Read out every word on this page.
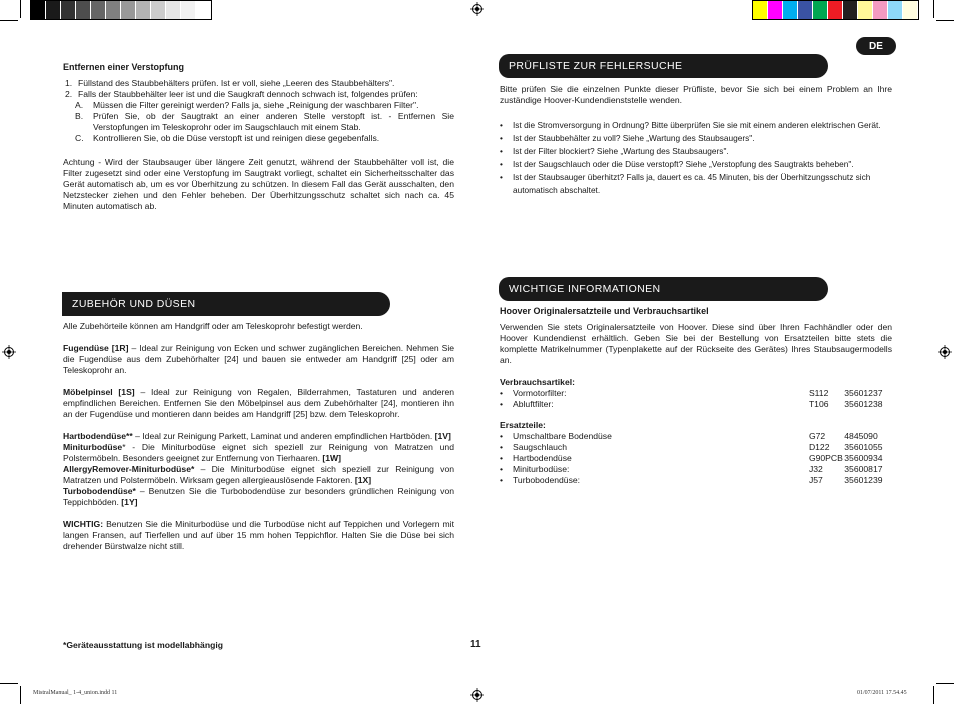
DE

Entfernen einer Verstopfung

1. Füllstand des Staubbehälters prüfen. Ist er voll, siehe „Leeren des Staubbehälters".
2. Falls der Staubbehälter leer ist und die Saugkraft dennoch schwach ist, folgendes prüfen:
A. Müssen die Filter gereinigt werden? Falls ja, siehe „Reinigung der waschbaren Filter".
B. Prüfen Sie, ob der Saugtrakt an einer anderen Stelle verstopft ist. - Entfernen Sie Verstopfungen im Teleskoprohr oder im Saugschlauch mit einem Stab.
C. Kontrollieren Sie, ob die Düse verstopft ist und reinigen diese gegebenfalls.

Achtung - Wird der Staubsauger über längere Zeit genutzt, während der Staubbehälter voll ist, die Filter zugesetzt sind oder eine Verstopfung im Saugtrakt vorliegt, schaltet ein Sicherheitsschalter das Gerät automatisch ab, um es vor Überhitzung zu schützen. In diesem Fall das Gerät ausschalten, den Netzstecker ziehen und den Fehler beheben. Der Überhitzungsschutz schaltet sich nach ca. 45 Minuten automatisch ab.

ZUBEHÖR UND DÜSEN

Alle Zubehörteile können am Handgriff oder am Teleskoprohr befestigt werden.

Fugendüse [1R] – Ideal zur Reinigung von Ecken und schwer zugänglichen Bereichen. Nehmen Sie die Fugendüse aus dem Zubehörhalter [24] und bauen sie entweder am Handgriff [25] oder am Teleskoprohr an.

Möbelpinsel [1S] – Ideal zur Reinigung von Regalen, Bilderrahmen, Tastaturen und anderen empfindlichen Bereichen. Entfernen Sie den Möbelpinsel aus dem Zubehörhalter [24], montieren ihn an der Fugendüse und montieren dann beides am Handgriff [25] bzw. dem Teleskoprohr.

Hartbodendüse** – Ideal zur Reinigung Parkett, Laminat und anderen empfindlichen Hartböden. [1V]

Miniturbodüse* - Die Miniturbodüse eignet sich speziell zur Reinigung von Matratzen und Polstermöbeln. Besonders geeignet zur Entfernung von Tierhaaren. [1W]

AllergyRemover-Miniturbodüse* – Die Miniturbodüse eignet sich speziell zur Reinigung von Matratzen und Polstermöbeln. Wirksam gegen allergieauslösende Faktoren. [1X]

Turbobodendüse* – Benutzen Sie die Turbobodendüse zur besonders gründlichen Reinigung von Teppichböden. [1Y]

WICHTIG: Benutzen Sie die Miniturbodüse und die Turbodüse nicht auf Teppichen und Vorlegern mit langen Fransen, auf Tierfellen und auf über 15 mm hohen Teppichflor. Halten Sie die Düse bei sich drehender Bürstwalze nicht still.

*Geräteausstattung ist modellabhängig	11
PRÜFLISTE ZUR FEHLERSUCHE

Bitte prüfen Sie die einzelnen Punkte dieser Prüfliste, bevor Sie sich bei einem Problem an Ihre zuständige Hoover-Kundendienststelle wenden.

• Ist die Stromversorgung in Ordnung? Bitte überprüfen Sie sie mit einem anderen elektrischen Gerät.
• Ist der Staubbehälter zu voll? Siehe „Wartung des Staubsaugers".
• Ist der Filter blockiert? Siehe „Wartung des Staubsaugers".
• Ist der Saugschlauch oder die Düse verstopft? Siehe „Verstopfung des Saugtrakts beheben".
• Ist der Staubsauger überhitzt? Falls ja, dauert es ca. 45 Minuten, bis der Überhitzungsschutz sich automatisch abschaltet.
WICHTIGE INFORMATIONEN

Hoover Originalersatzteile und Verbrauchsartikel

Verwenden Sie stets Originalersatzteile von Hoover. Diese sind über Ihren Fachhändler oder den Hoover Kundendienst erhältlich. Geben Sie bei der Bestellung von Ersatzteilen bitte stets die komplette Matrikelnummer (Typenplakette auf der Rückseite des Gerätes) Ihres Staubsaugermodells an.

Verbrauchsartikel:

• Vormotorfilter:	S112	35601237
• Abluftfilter:	T106	35601238

Ersatzteile:

• Umschaltbare Bodendüse	G72	4845090
• Saugschlauch	D122	35601055
• Hartbodendüse	G90PCB 35600934
• Miniturbodüse:	J32	35600817
• Turbobodendüse:	J57	35601239
MistralManual_ 1-4_union.indd 11	01/07/2011 17.54.45
